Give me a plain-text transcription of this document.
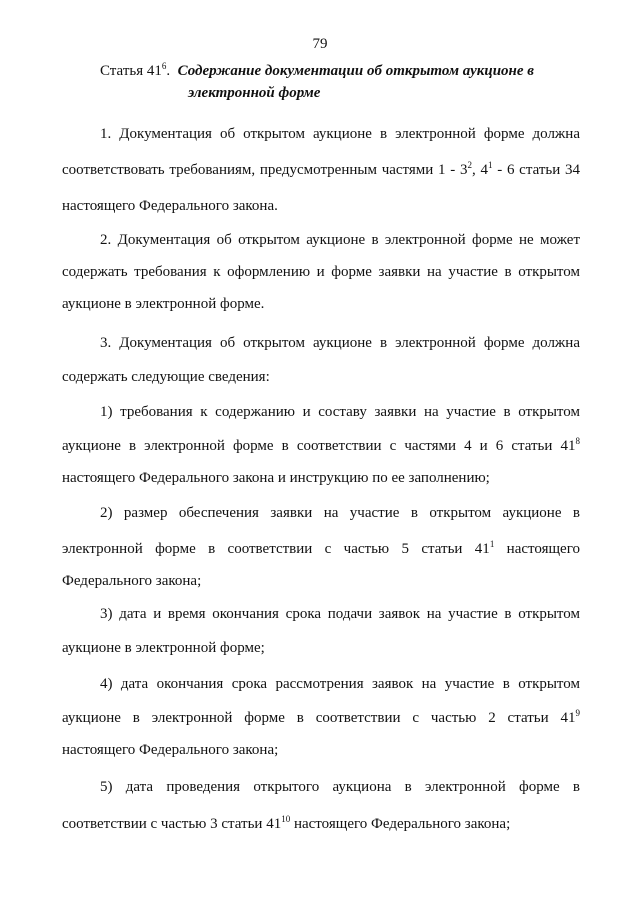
79
Статья $41^6$. Содержание документации об открытом аукционе в
электронной форме
1. Документация об открытом аукционе в электронной форме должна
соответствовать требованиям, предусмотренным частями $1 - 3^2$, $4^1 - 6$ статьи 34
настоящего Федерального закона.
2. Документация об открытом аукционе в электронной форме не может
содержать требования к оформлению и форме заявки на участие в открытом
аукционе в электронной форме.
3. Документация об открытом аукционе в электронной форме должна
содержать следующие сведения:
1) требования к содержанию и составу заявки на участие в открытом
аукционе в электронной форме в соответствии с частями 4 и 6 статьи $41^8$
настоящего Федерального закона и инструкцию по ее заполнению;
2) размер обеспечения заявки на участие в открытом аукционе в
электронной форме в соответствии с частью 5 статьи $41^1$ настоящего
Федерального закона;
3) дата и время окончания срока подачи заявок на участие в открытом
аукционе в электронной форме;
4) дата окончания срока рассмотрения заявок на участие в открытом
аукционе в электронной форме в соответствии с частью 2 статьи $41^9$
настоящего Федерального закона;
5) дата проведения открытого аукциона в электронной форме в
соответствии с частью 3 статьи $41^{10}$ настоящего Федерального закона;
